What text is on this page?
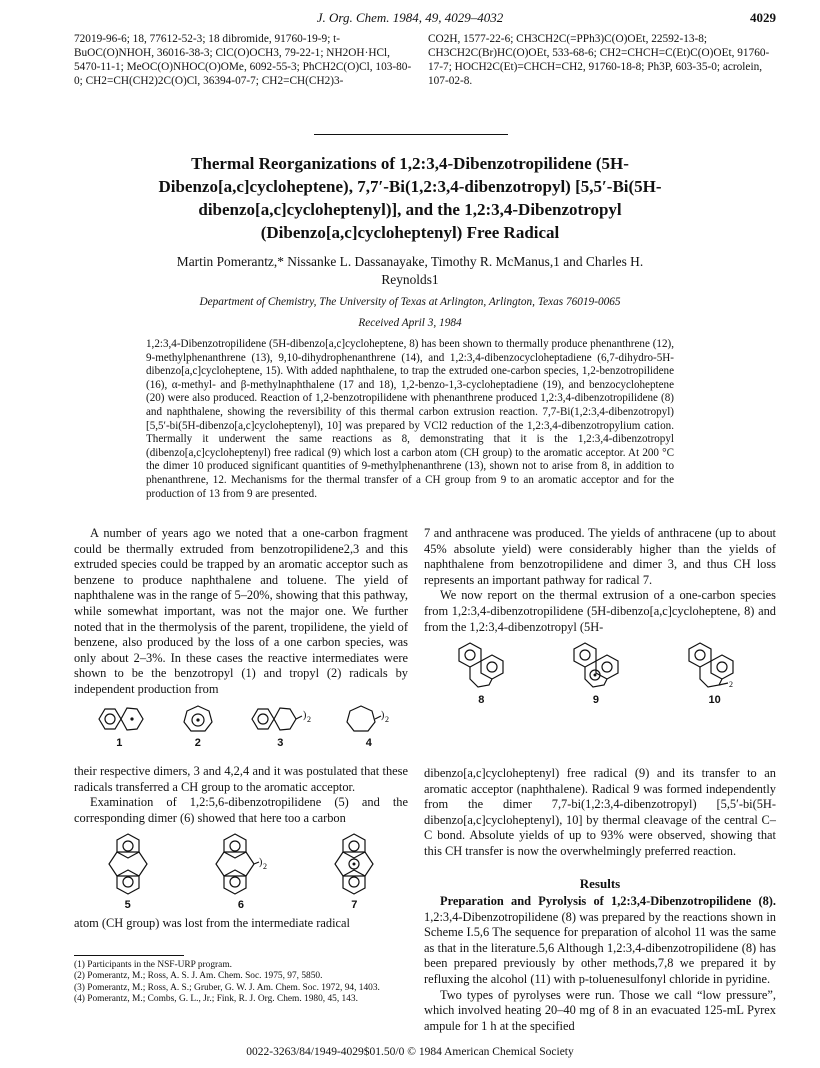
J. Org. Chem. 1984, 49, 4029–4032	4029
72019-96-6; 18, 77612-52-3; 18 dibromide, 91760-19-9; t-BuOC(O)NHOH, 36016-38-3; ClC(O)OCH3, 79-22-1; NH2OH·HCl, 5470-11-1; MeOC(O)NHOC(O)OMe, 6092-55-3; PhCH2C(O)Cl, 103-80-0; CH2=CH(CH2)2C(O)Cl, 36394-07-7; CH2=CH(CH2)3-
CO2H, 1577-22-6; CH3CH2C(=PPh3)C(O)OEt, 22592-13-8; CH3CH2C(Br)HC(O)OEt, 533-68-6; CH2=CHCH=C(Et)C(O)OEt, 91760-17-7; HOCH2C(Et)=CHCH=CH2, 91760-18-8; Ph3P, 603-35-0; acrolein, 107-02-8.
Thermal Reorganizations of 1,2:3,4-Dibenzotropilidene (5H-Dibenzo[a,c]cycloheptene), 7,7′-Bi(1,2:3,4-dibenzotropyl) [5,5′-Bi(5H-dibenzo[a,c]cycloheptenyl)], and the 1,2:3,4-Dibenzotropyl (Dibenzo[a,c]cycloheptenyl) Free Radical
Martin Pomerantz,* Nissanke L. Dassanayake, Timothy R. McManus,1 and Charles H. Reynolds1
Department of Chemistry, The University of Texas at Arlington, Arlington, Texas 76019-0065
Received April 3, 1984
1,2:3,4-Dibenzotropilidene (5H-dibenzo[a,c]cycloheptene, 8) has been shown to thermally produce phenanthrene (12), 9-methylphenanthrene (13), 9,10-dihydrophenanthrene (14), and 1,2:3,4-dibenzocycloheptadiene (6,7-dihydro-5H-dibenzo[a,c]cycloheptene, 15). With added naphthalene, to trap the extruded one-carbon species, 1,2-benzotropilidene (16), α-methyl- and β-methylnaphthalene (17 and 18), 1,2-benzo-1,3-cycloheptadiene (19), and benzocycloheptene (20) were also produced. Reaction of 1,2-benzotropilidene with phenanthrene produced 1,2:3,4-dibenzotropilidene (8) and naphthalene, showing the reversibility of this thermal carbon extrusion reaction. 7,7-Bi(1,2:3,4-dibenzotropyl) [5,5′-bi(5H-dibenzo[a,c]cycloheptenyl), 10] was prepared by VCl2 reduction of the 1,2:3,4-dibenzotropylium cation. Thermally it underwent the same reactions as 8, demonstrating that it is the 1,2:3,4-dibenzotropyl (dibenzo[a,c]cycloheptenyl) free radical (9) which lost a carbon atom (CH group) to the aromatic acceptor. At 200 °C the dimer 10 produced significant quantities of 9-methylphenanthrene (13), shown not to arise from 8, in addition to phenanthrene, 12. Mechanisms for the thermal transfer of a CH group from 9 to an aromatic acceptor and for the production of 13 from 9 are presented.

A number of years ago we noted that a one-carbon fragment could be thermally extruded from benzotropilidene2,3 and this extruded species could be trapped by an aromatic acceptor such as benzene to produce naphthalene and toluene. The yield of naphthalene was in the range of 5–20%, showing that this pathway, while somewhat important, was not the major one. We further noted that in the thermolysis of the parent, tropilidene, the yield of benzene, also produced by the loss of a one carbon species, was only about 2–3%. In these cases the reactive intermediates were shown to be the benzotropyl (1) and tropyl (2) radicals by independent production from

1	2
) 2
3
) 2
4

their respective dimers, 3 and 4,2,4 and it was postulated that these radicals transferred a CH group to the aromatic acceptor.

Examination of 1,2:5,6-dibenzotropilidene (5) and the corresponding dimer (6) showed that here too a carbon

5
) 2
6	7

atom (CH group) was lost from the intermediate radical

(1) Participants in the NSF-URP program.
(2) Pomerantz, M.; Ross, A. S. J. Am. Chem. Soc. 1975, 97, 5850.
(3) Pomerantz, M.; Ross, A. S.; Gruber, G. W. J. Am. Chem. Soc. 1972, 94, 1403.
(4) Pomerantz, M.; Combs, G. L., Jr.; Fink, R. J. Org. Chem. 1980, 45, 143.

7 and anthracene was produced. The yields of anthracene (up to about 45% absolute yield) were considerably higher than the yields of naphthalene from benzotropilidene and dimer 3, and thus CH loss represents an important pathway for radical 7.

We now report on the thermal extrusion of a one-carbon species from 1,2:3,4-dibenzotropilidene (5H-dibenzo[a,c]cycloheptene, 8) and from the 1,2:3,4-dibenzotropyl (5H-

8	9
2
10

dibenzo[a,c]cycloheptenyl) free radical (9) and its transfer to an aromatic acceptor (naphthalene). Radical 9 was formed independently from the dimer 7,7-bi(1,2:3,4-dibenzotropyl) [5,5′-bi(5H-dibenzo[a,c]cycloheptenyl), 10] by thermal cleavage of the central C–C bond. Absolute yields of up to 93% were observed, showing that this CH transfer is now the overwhelmingly preferred reaction.

Results

Preparation and Pyrolysis of 1,2:3,4-Dibenzotropilidene (8). 1,2:3,4-Dibenzotropilidene (8) was prepared by the reactions shown in Scheme I.5,6 The sequence for preparation of alcohol 11 was the same as that in the literature.5,6 Although 1,2:3,4-dibenzotropilidene (8) has been prepared previously by other methods,7,8 we prepared it by refluxing the alcohol (11) with p-toluenesulfonyl chloride in pyridine.

Two types of pyrolyses were run. Those we call “low pressure”, which involved heating 20–40 mg of 8 in an evacuated 125-mL Pyrex ampule for 1 h at the specified

0022-3263/84/1949-4029$01.50/0 © 1984 American Chemical Society
